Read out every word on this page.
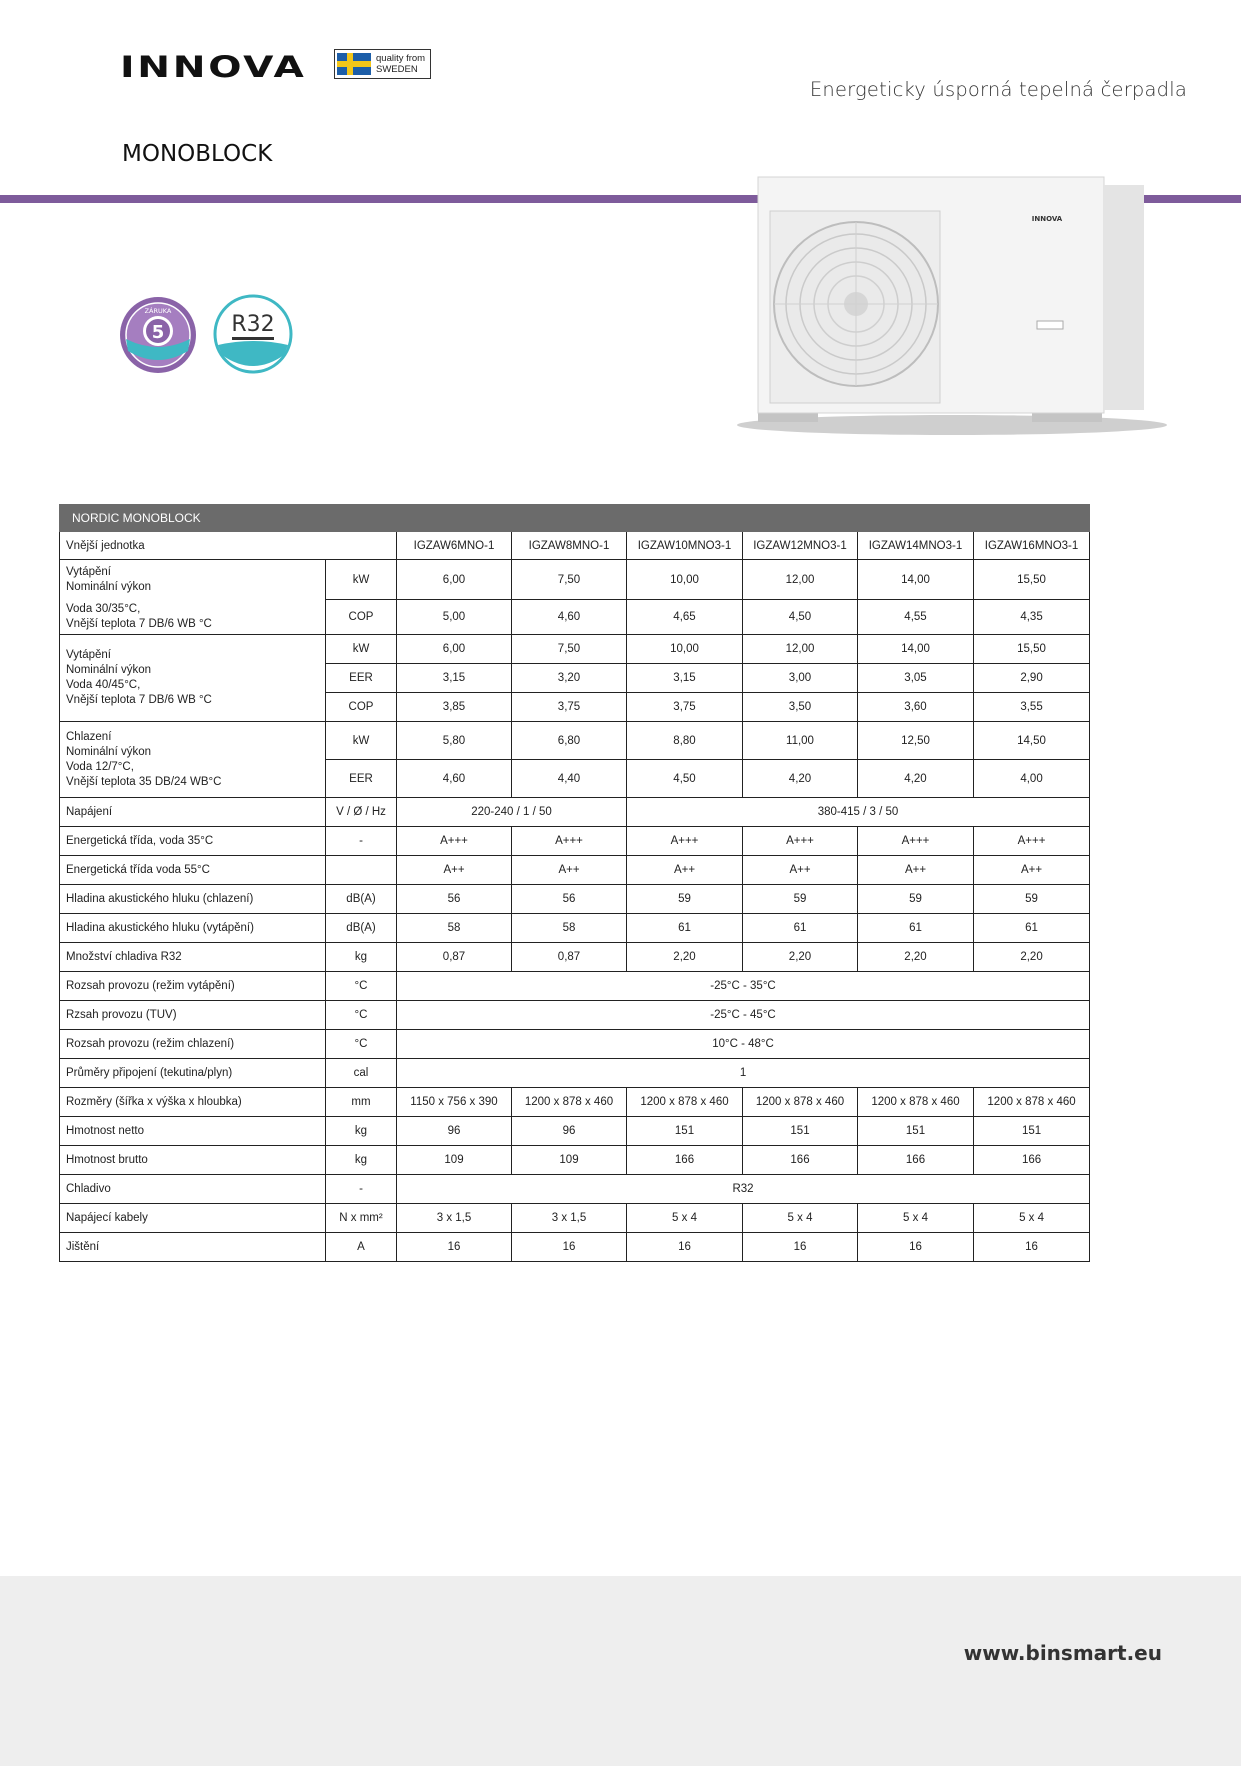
INNOVA	quality from
SWEDEN
Energeticky úsporná tepelná čerpadla
MONOBLOCK
5
ZÁRUKA
R32
INNOVA
NORDIC MONOBLOCK							
Vnější jednotka		IGZAW6MNO-1	IGZAW8MNO-1	IGZAW10MNO3-1	IGZAW12MNO3-1	IGZAW14MNO3-1	IGZAW16MNO3-1

Vytápění
Nominální výkon	kW	6,00	7,50	10,00	12,00	14,00	15,50

Voda 30/35°C,
Vnější teplota 7 DB/6 WB °C	COP	5,00	4,60	4,65	4,50	4,55	4,35

Vytápění
Nominální výkon
Voda 40/45°C,
Vnější teplota 7 DB/6 WB °C	kW	6,00	7,50	10,00	12,00	14,00	15,50
	EER	3,15	3,20	3,15	3,00	3,05	2,90
	COP	3,85	3,75	3,75	3,50	3,60	3,55

Chlazení
Nominální výkon
Voda 12/7°C,
Vnější teplota 35 DB/24 WB°C	kW	5,80	6,80	8,80	11,00	12,50	14,50
	EER	4,60	4,40	4,50	4,20	4,20	4,00
Napájení	V / Ø / Hz	220-240 / 1 / 50		380-415 / 3 / 50			
Energetická třída, voda 35°C	-	A+++	A+++	A+++	A+++	A+++	A+++
Energetická třída voda 55°C		A++	A++	A++	A++	A++	A++
Hladina akustického hluku (chlazení)	dB(A)	56	56	59	59	59	59
Hladina akustického hluku (vytápění)	dB(A)	58	58	61	61	61	61
Množství chladiva R32	kg	0,87	0,87	2,20	2,20	2,20	2,20
Rozsah provozu (režim vytápění)	°C	-25°C - 35°C					
Rzsah provozu (TUV)	°C	-25°C - 45°C					
Rozsah provozu (režim chlazení)	°C	10°C - 48°C					
Průměry připojení (tekutina/plyn)	cal	1					
Rozměry (šířka x výška x hloubka)	mm	1150 x 756 x 390	1200 x 878 x 460	1200 x 878 x 460	1200 x 878 x 460	1200 x 878 x 460	1200 x 878 x 460
Hmotnost netto	kg	96	96	151	151	151	151
Hmotnost brutto	kg	109	109	166	166	166	166
Chladivo	-	R32					
Napájecí kabely	N x mm²	3 x 1,5	3 x 1,5	5 x 4	5 x 4	5 x 4	5 x 4
Jištění	A	16	16	16	16	16	16
www.binsmart.eu
